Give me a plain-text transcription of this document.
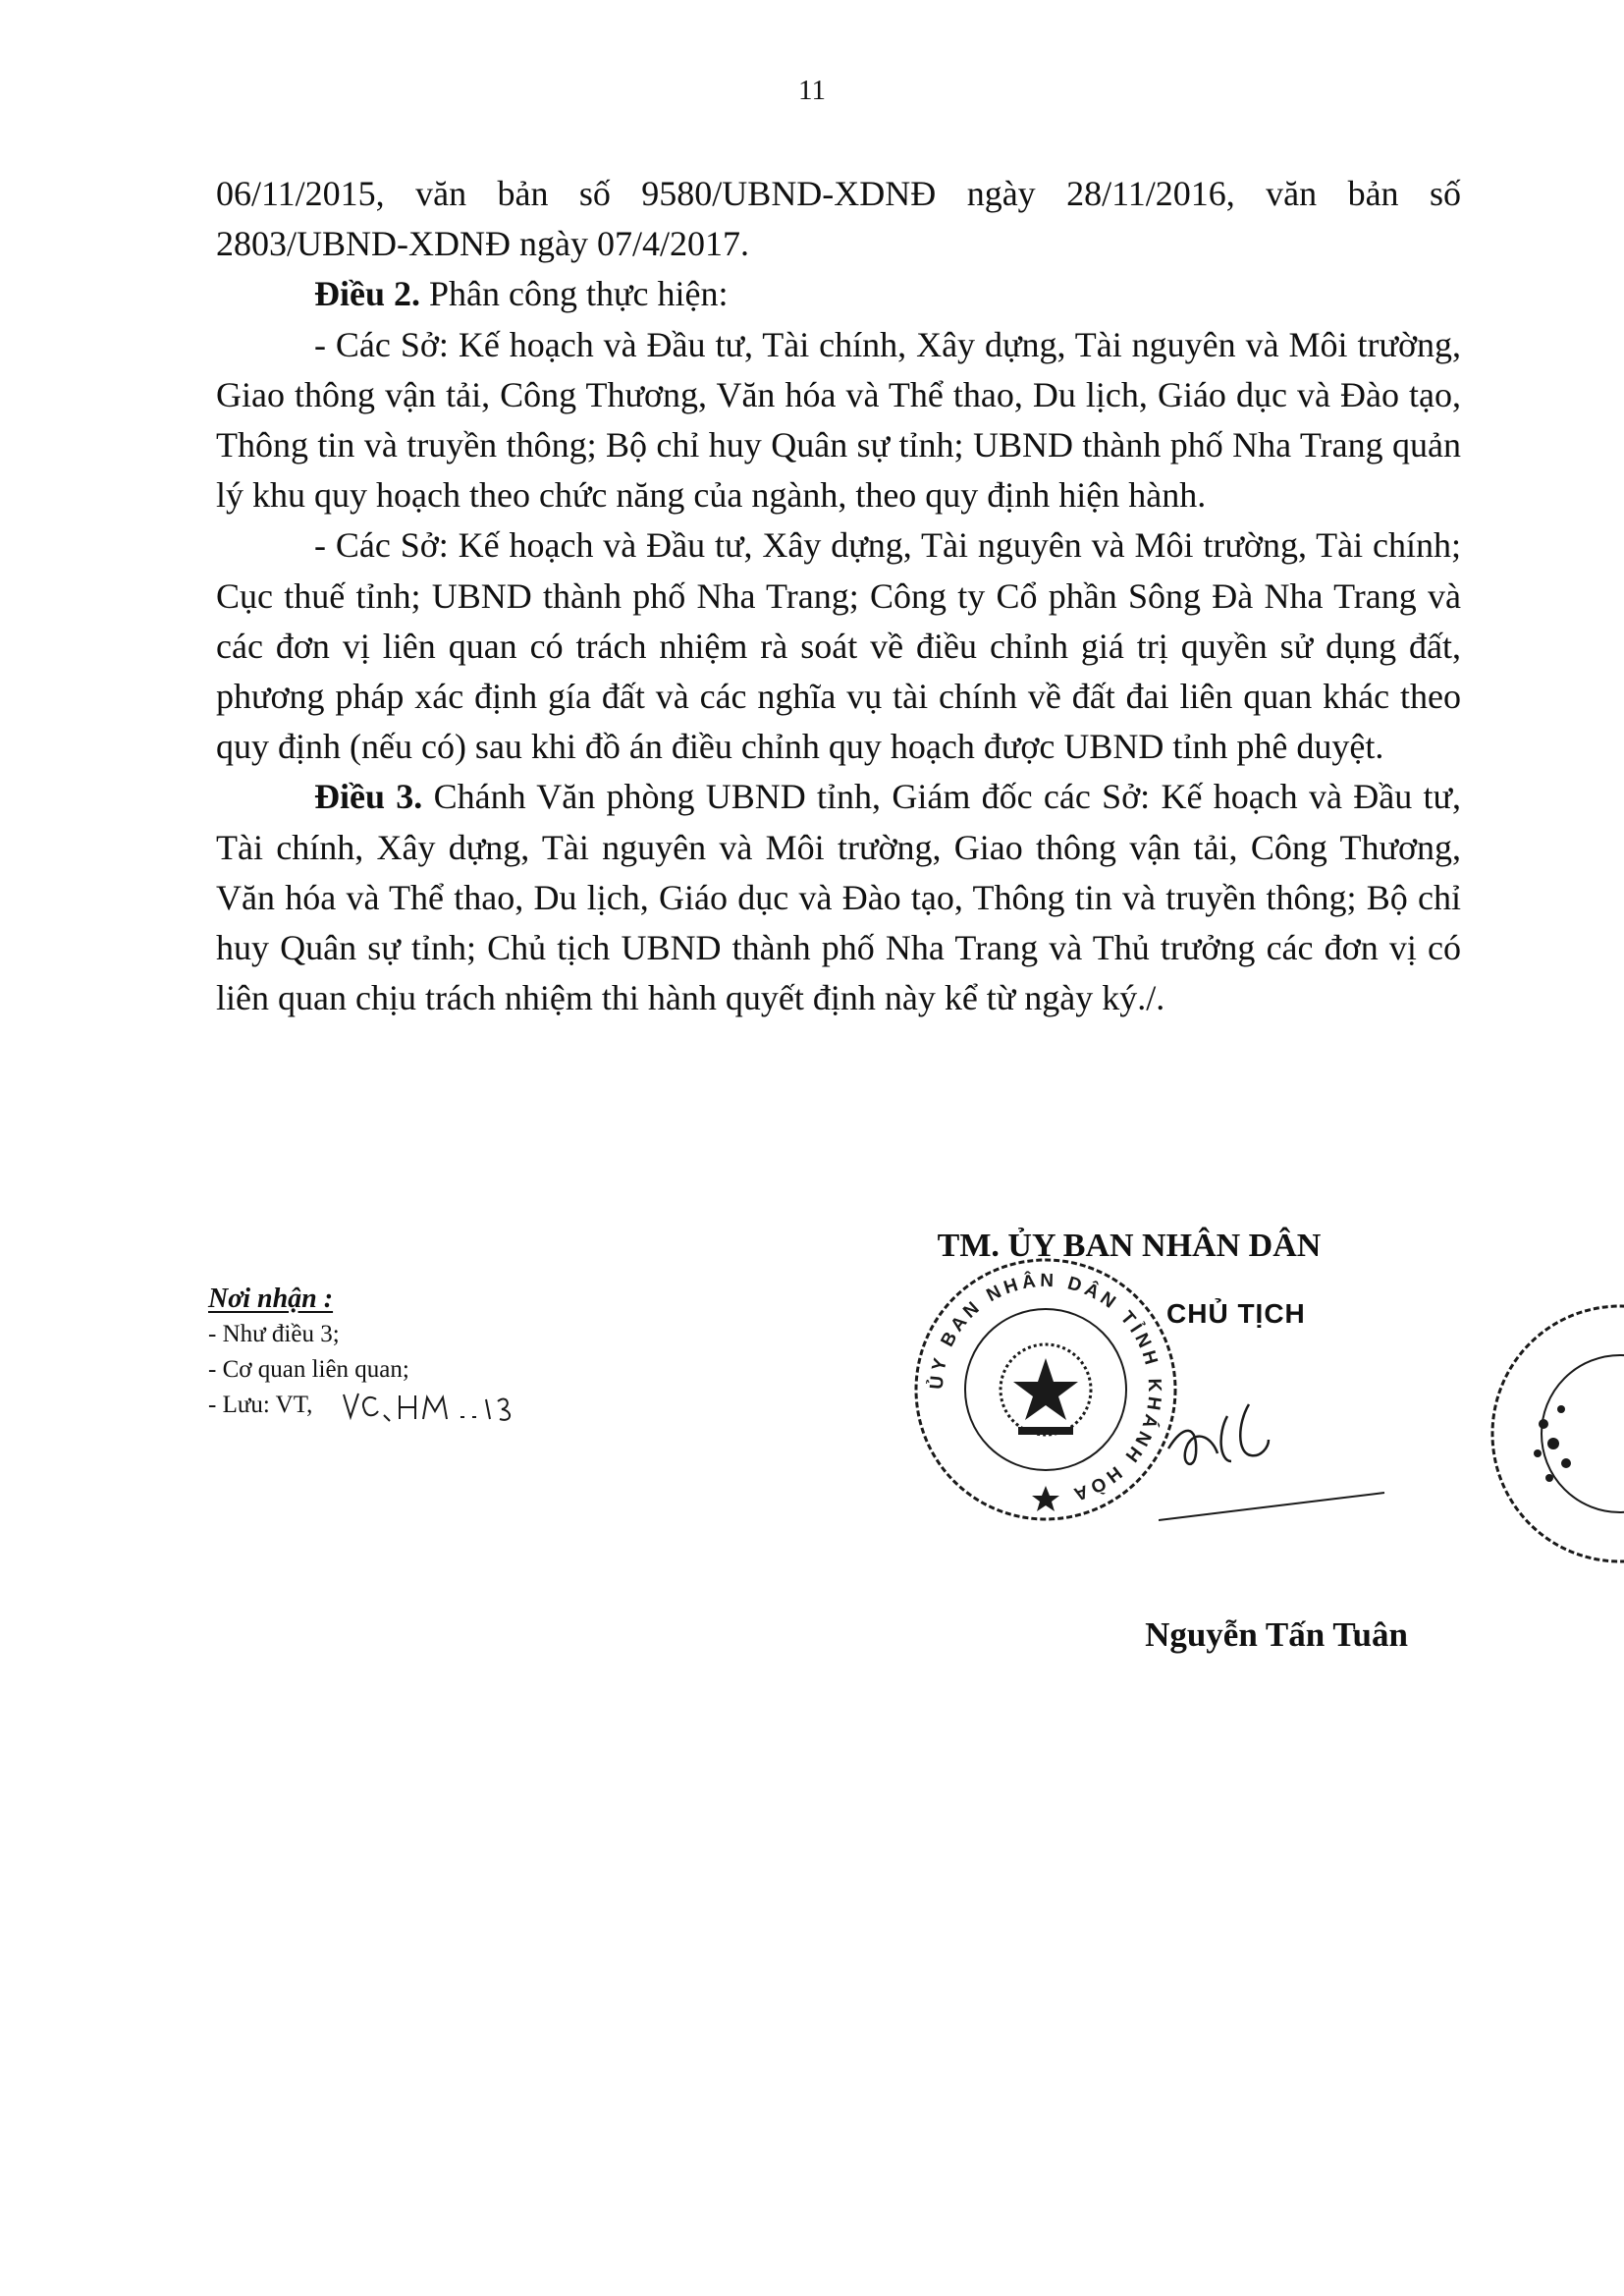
11

06/11/2015, văn bản số 9580/UBND-XDNĐ ngày 28/11/2016, văn bản số 2803/UBND-XDNĐ ngày 07/4/2017.

Điều 2. Phân công thực hiện:

- Các Sở: Kế hoạch và Đầu tư, Tài chính, Xây dựng, Tài nguyên và Môi trường, Giao thông vận tải, Công Thương, Văn hóa và Thể thao, Du lịch, Giáo dục và Đào tạo, Thông tin và truyền thông; Bộ chỉ huy Quân sự tỉnh; UBND thành phố Nha Trang quản lý khu quy hoạch theo chức năng của ngành, theo quy định hiện hành.

- Các Sở: Kế hoạch và Đầu tư, Xây dựng, Tài nguyên và Môi trường, Tài chính; Cục thuế tỉnh; UBND thành phố Nha Trang; Công ty Cổ phần Sông Đà Nha Trang và các đơn vị liên quan có trách nhiệm rà soát về điều chỉnh giá trị quyền sử dụng đất, phương pháp xác định gía đất và các nghĩa vụ tài chính về đất đai liên quan khác theo quy định (nếu có) sau khi đồ án điều chỉnh quy hoạch được UBND tỉnh phê duyệt.

Điều 3. Chánh Văn phòng UBND tỉnh, Giám đốc các Sở: Kế hoạch và Đầu tư, Tài chính, Xây dựng, Tài nguyên và Môi trường, Giao thông vận tải, Công Thương, Văn hóa và Thể thao, Du lịch, Giáo dục và Đào tạo, Thông tin và truyền thông; Bộ chỉ huy Quân sự tỉnh; Chủ tịch UBND thành phố Nha Trang và Thủ trưởng các đơn vị có liên quan chịu trách nhiệm thi hành quyết định này kể từ ngày ký./.

Nơi nhận :
- Như điều 3;
- Cơ quan liên quan;
- Lưu: VT,
TM. ỦY BAN NHÂN DÂN
CHỦ TỊCH
ỦY BAN NHÂN DÂN TỈNH KHÁNH HÒA
Nguyễn Tấn Tuân
